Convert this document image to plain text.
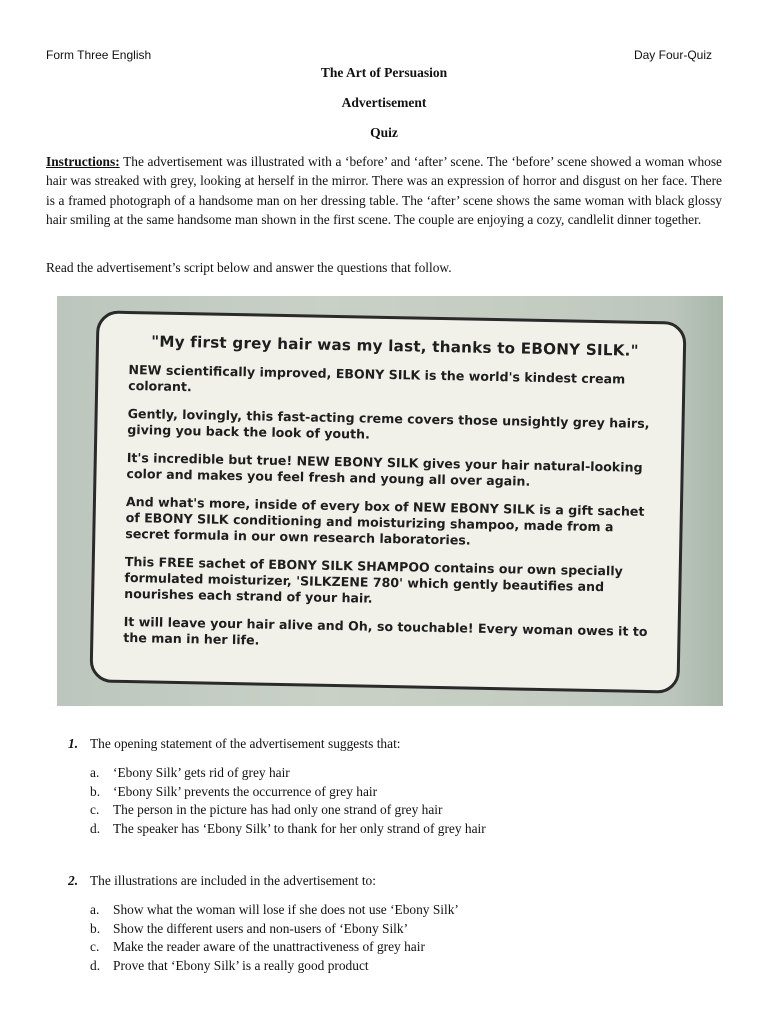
Form Three English	Day Four-Quiz
The Art of Persuasion
Advertisement
Quiz
Instructions: The advertisement was illustrated with a ‘before’ and ‘after’ scene. The ‘before’ scene showed a woman whose hair was streaked with grey, looking at herself in the mirror. There was an expression of horror and disgust on her face. There is a framed photograph of a handsome man on her dressing table. The ‘after’ scene shows the same woman with black glossy hair smiling at the same handsome man shown in the first scene. The couple are enjoying a cozy, candlelit dinner together.
Read the advertisement’s script below and answer the questions that follow.
"My first grey hair was my last, thanks to EBONY SILK."

NEW scientifically improved, EBONY SILK is the world's kindest cream colorant.

Gently, lovingly, this fast-acting creme covers those unsightly grey hairs, giving you back the look of youth.

It's incredible but true! NEW EBONY SILK gives your hair natural-looking color and makes you feel fresh and young all over again.

And what's more, inside of every box of NEW EBONY SILK is a gift sachet of EBONY SILK conditioning and moisturizing shampoo, made from a secret formula in our own research laboratories.

This FREE sachet of EBONY SILK SHAMPOO contains our own specially formulated moisturizer, 'SILKZENE 780' which gently beautifies and nourishes each strand of your hair.

It will leave your hair alive and Oh, so touchable! Every woman owes it to the man in her life.

1. The opening statement of the advertisement suggests that:
a.	‘Ebony Silk’ gets rid of grey hair
b. ‘Ebony Silk’ prevents the occurrence of grey hair
c.	The person in the picture has had only one strand of grey hair
d. The speaker has ‘Ebony Silk’ to thank for her only strand of grey hair
2. The illustrations are included in the advertisement to:
a.	Show what the woman will lose if she does not use ‘Ebony Silk’
b. Show the different users and non-users of ‘Ebony Silk’
c.	Make the reader aware of the unattractiveness of grey hair
d. Prove that ‘Ebony Silk’ is a really good product
